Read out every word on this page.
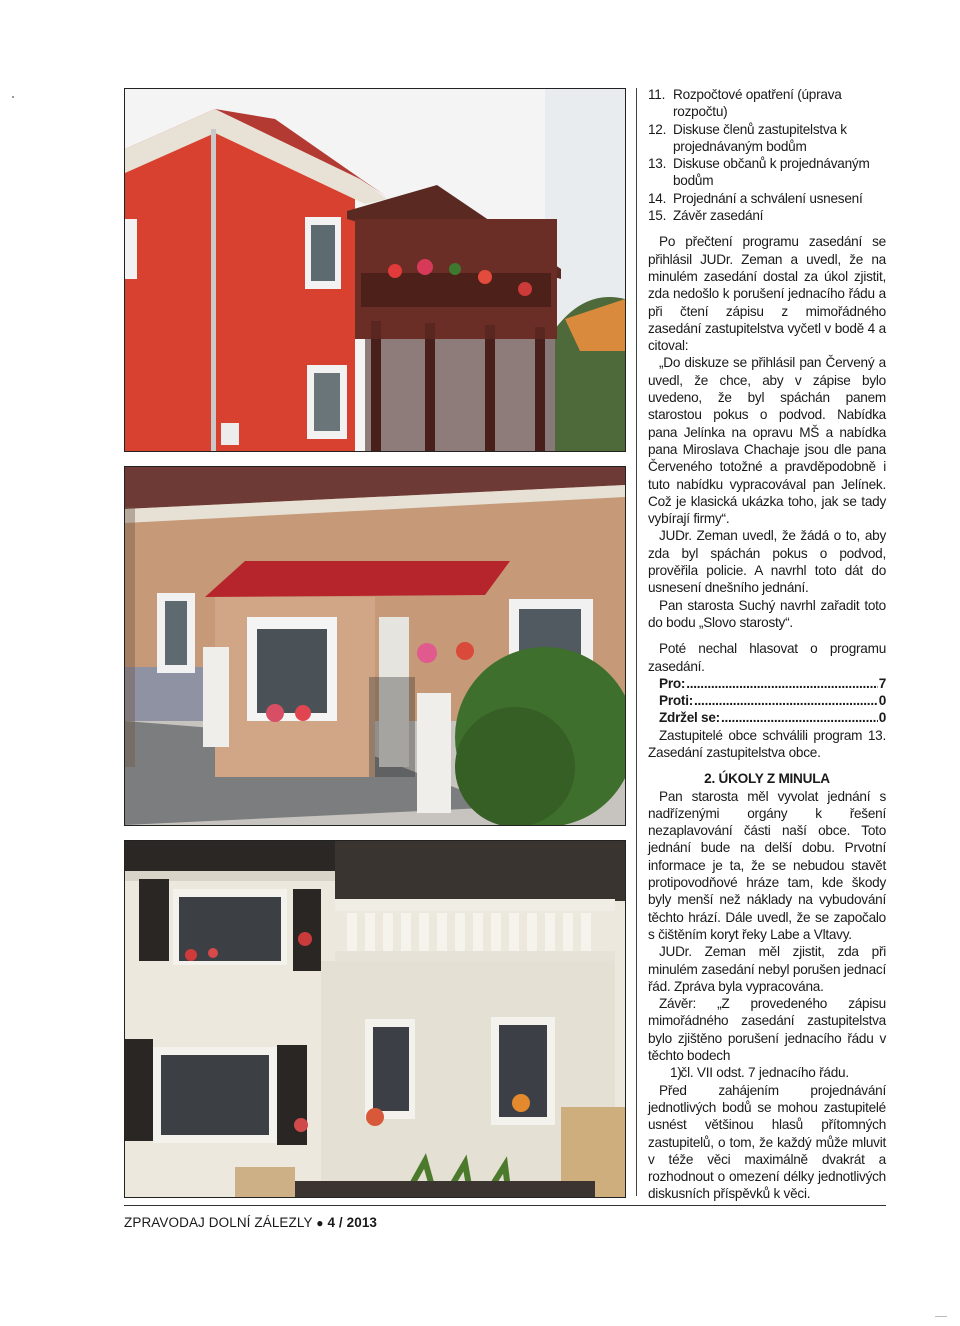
11. Rozpočtové opatření (úprava rozpočtu)
12. Diskuse členů zastupitelstva k projednávaným bodům
13. Diskuse občanů k projednávaným bodům
14. Projednání a schválení usnesení
15. Závěr zasedání

Po přečtení programu zasedání se přihlásil JUDr. Zeman a uvedl, že na minulém zasedání dostal za úkol zjistit, zda nedošlo k porušení jednacího řádu a při čtení zápisu z mimořádného zasedání zastupitelstva vyčetl v bodě 4 a citoval:

„Do diskuze se přihlásil pan Červený a uvedl, že chce, aby v zápise bylo uvedeno, že byl spáchán panem starostou pokus o podvod. Nabídka pana Jelínka na opravu MŠ a nabídka pana Miroslava Chachaje jsou dle pana Červeného totožné a pravděpodobně i tuto nabídku vypracovával pan Jelínek. Což je klasická ukázka toho, jak se tady vybírají firmy“.

JUDr. Zeman uvedl, že žádá o to, aby zda byl spáchán pokus o podvod, prověřila policie. A navrhl toto dát do usnesení dnešního jednání.

Pan starosta Suchý navrhl zařadit toto do bodu „Slovo starosty“.

Poté nechal hlasovat o programu zasedání.

Pro: .....	7
Proti: .....	0
Zdržel se: .....	0

Zastupitelé obce schválili program 13. Zasedání zastupitelstva obce.

2. ÚKOLY Z MINULA

Pan starosta měl vyvolat jednání s nadřízenými orgány k řešení nezaplavování části naší obce. Toto jednání bude na delší dobu. Prvotní informace je ta, že se nebudou stavět protipovodňové hráze tam, kde škody byly menší než náklady na vybudování těchto hrází. Dále uvedl, že se započalo s čištěním koryt řeky Labe a Vltavy.

JUDr. Zeman měl zjistit, zda při minulém zasedání nebyl porušen jednací řád. Zpráva byla vypracována.

Závěr: „Z provedeného zápisu mimořádného zasedání zastupitelstva bylo zjištěno porušení jednacího řádu v těchto bodech

1) čl. VII odst. 7 jednacího řádu.

Před zahájením projednávání jednotlivých bodů se mohou zastupitelé usnést většinou hlasů přítomných zastupitelů, o tom, že každý může mluvit v téže věci maximálně dvakrát a rozhodnout o omezení délky jednotlivých diskusních příspěvků k věci.

ZPRAVODAJ DOLNÍ ZÁLEZLY ● 4 / 2013
